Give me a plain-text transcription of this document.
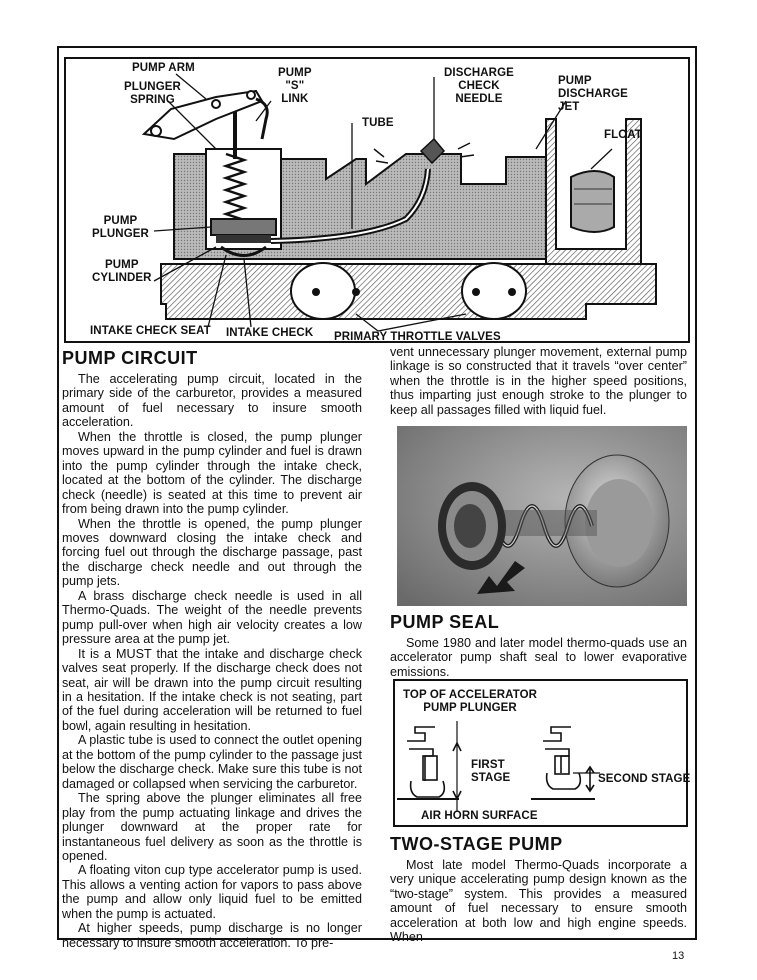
PUMP ARM
PLUNGER
SPRING
PUMP
"S"
LINK
TUBE
DISCHARGE
CHECK
NEEDLE
PUMP
DISCHARGE
JET
FLOAT
PUMP
PLUNGER
PUMP
CYLINDER
INTAKE CHECK SEAT INTAKE CHECK PRIMARY THROTTLE VALVES
PUMP CIRCUIT

The accelerating pump circuit, located in the primary side of the carburetor, provides a measured amount of fuel necessary to insure smooth acceleration.

When the throttle is closed, the pump plunger moves upward in the pump cylinder and fuel is drawn into the pump cylinder through the intake check, located at the bottom of the cylinder. The discharge check (needle) is seated at this time to prevent air from being drawn into the pump cylinder.

When the throttle is opened, the pump plunger moves downward closing the intake check and forcing fuel out through the discharge passage, past the discharge check needle and out through the pump jets.

A brass discharge check needle is used in all Thermo-Quads. The weight of the needle prevents pump pull-over when high air velocity creates a low pressure area at the pump jet.

It is a MUST that the intake and discharge check valves seat properly. If the discharge check does not seat, air will be drawn into the pump circuit resulting in a hesitation. If the intake check is not seating, part of the fuel during acceleration will be returned to fuel bowl, again resulting in hesitation.

A plastic tube is used to connect the outlet opening at the bottom of the pump cylinder to the passage just below the discharge check. Make sure this tube is not damaged or collapsed when servicing the carburetor.

The spring above the plunger eliminates all free play from the pump actuating linkage and drives the plunger downward at the proper rate for instantaneous fuel delivery as soon as the throttle is opened.

A floating viton cup type accelerator pump is used. This allows a venting action for vapors to pass above the pump and allow only liquid fuel to be emitted when the pump is actuated.

At higher speeds, pump discharge is no longer necessary to insure smooth acceleration. To pre-

vent unnecessary plunger movement, external pump linkage is so constructed that it travels “over center” when the throttle is in the higher speed positions, thus imparting just enough stroke to the plunger to keep all passages filled with liquid fuel.

PUMP SEAL

Some 1980 and later model thermo-quads use an accelerator pump shaft seal to lower evaporative emissions.

TOP OF ACCELERATOR
PUMP PLUNGER
FIRST
STAGE	SECOND STAGE
AIR HORN SURFACE
TWO-STAGE PUMP

Most late model Thermo-Quads incorporate a very unique accelerating pump design known as the “two-stage” system. This provides a measured amount of fuel necessary to ensure smooth acceleration at both low and high engine speeds. When

13
